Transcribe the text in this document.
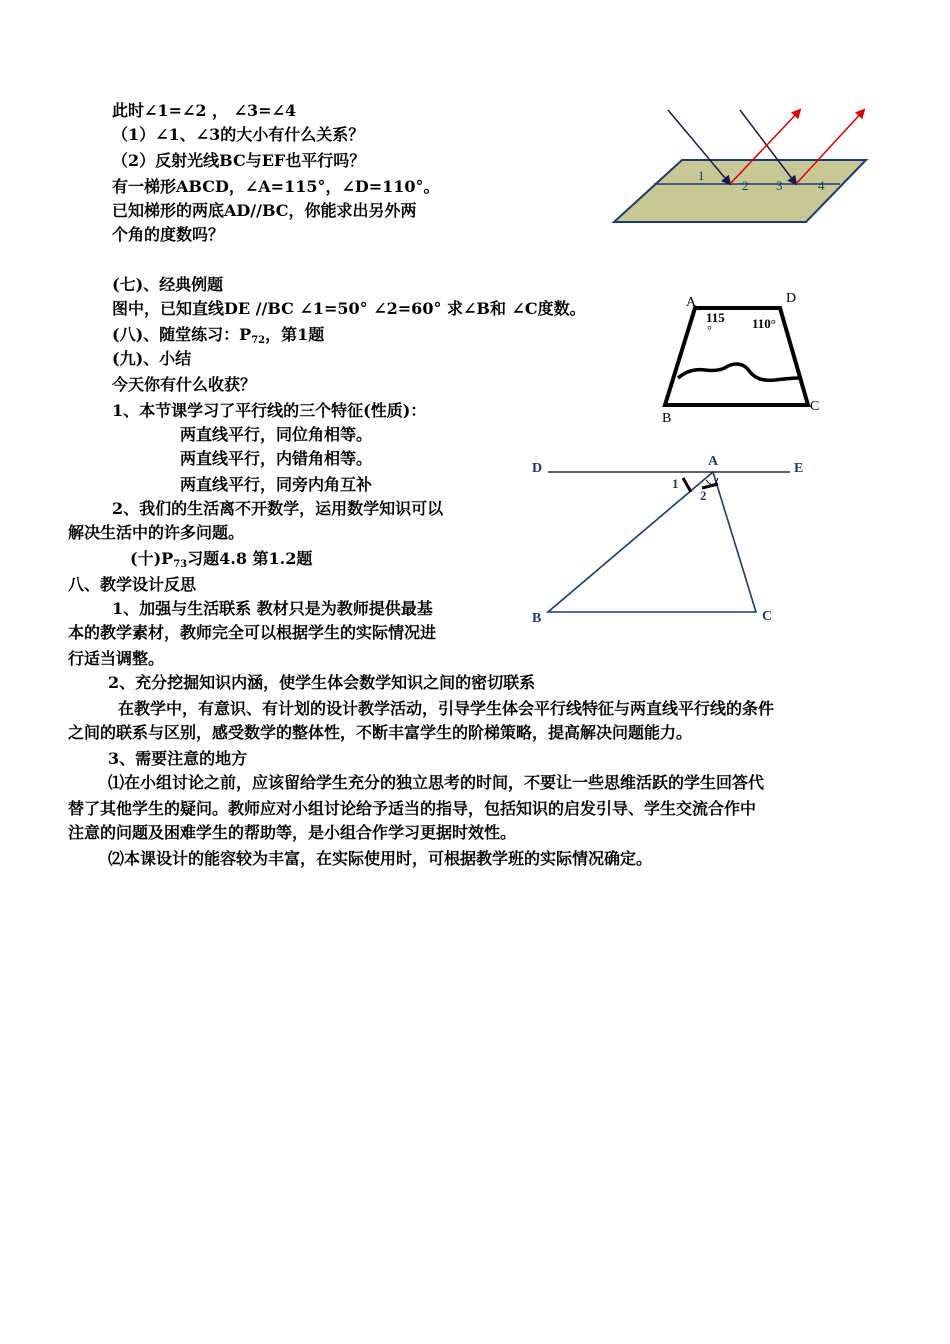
此时∠1=∠2 ， ∠3=∠4
（1）∠1、∠3的大小有什么关系？
（2）反射光线BC与EF也平行吗？
有一梯形ABCD，∠A=115°，∠D=110°。
已知梯形的两底AD//BC，你能求出另外两
个角的度数吗？
(七)、经典例题
图中，已知直线DE //BC ∠1=50° ∠2=60° 求∠B和 ∠C度数。
(八)、随堂练习：$P_{72}$，第1题
(九)、小结
今天你有什么收获？
1、本节课学习了平行线的三个特征(性质)：
两直线平行，同位角相等。
两直线平行，内错角相等。
两直线平行，同旁内角互补
2、我们的生活离不开数学，运用数学知识可以
解决生活中的许多问题。
(十)$P_{73}$习题4.8 第1.2题
八、教学设计反思
1、加强与生活联系 教材只是为教师提供最基
本的教学素材，教师完全可以根据学生的实际情况进
行适当调整。
2、充分挖掘知识内涵，使学生体会数学知识之间的密切联系
在教学中，有意识、有计划的设计教学活动，引导学生体会平行线特征与两直线平行线的条件
之间的联系与区别，感受数学的整体性，不断丰富学生的阶梯策略，提高解决问题能力。
3、需要注意的地方
⑴在小组讨论之前，应该留给学生充分的独立思考的时间，不要让一些思维活跃的学生回答代
替了其他学生的疑问。教师应对小组讨论给予适当的指导，包括知识的启发引导、学生交流合作中
注意的问题及困难学生的帮助等，是小组合作学习更据时效性。
⑵本课设计的能容较为丰富，在实际使用时，可根据教学班的实际情况确定。
1
2 3	4
A	D
B
C
115
°	110°
D	A	E
B	C
1
2
